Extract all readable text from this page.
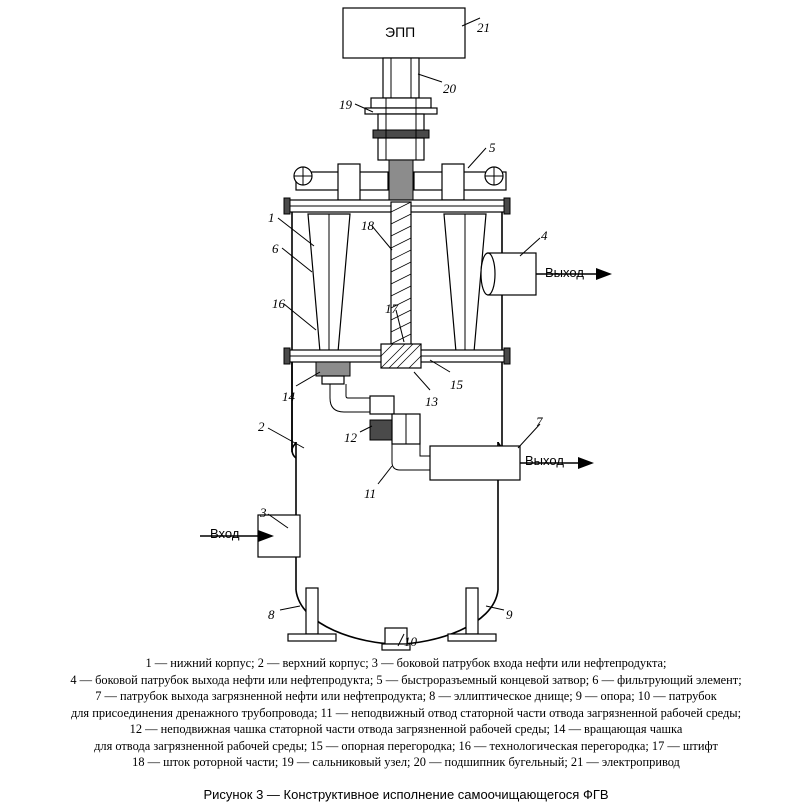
ЭПП
Вход
Выход
Выход
1
2
3
4
5
6
7
8	9
10
11
12
13
14
15
16	17
18
19
20
21
1 — нижний корпус; 2 — верхний корпус; 3 — боковой патрубок входа нефти или нефтепродукта;
4 — боковой патрубок выхода нефти или нефтепродукта; 5 — быстроразъемный концевой затвор; 6 — фильтрующий элемент;
7 — патрубок выхода загрязненной нефти или нефтепродукта; 8 — эллиптическое днище; 9 — опора; 10 — патрубок
для присоединения дренажного трубопровода; 11 — неподвижный отвод статорной части отвода загрязненной рабочей среды;
12 — неподвижная чашка статорной части отвода загрязненной рабочей среды; 14 — вращающая чашка
для отвода загрязненной рабочей среды; 15 — опорная перегородка; 16 — технологическая перегородка; 17 — штифт
18 — шток роторной части; 19 — сальниковый узел; 20 — подшипник бугельный; 21 — электропривод
Рисунок 3 — Конструктивное исполнение самоочищающегося ФГВ
